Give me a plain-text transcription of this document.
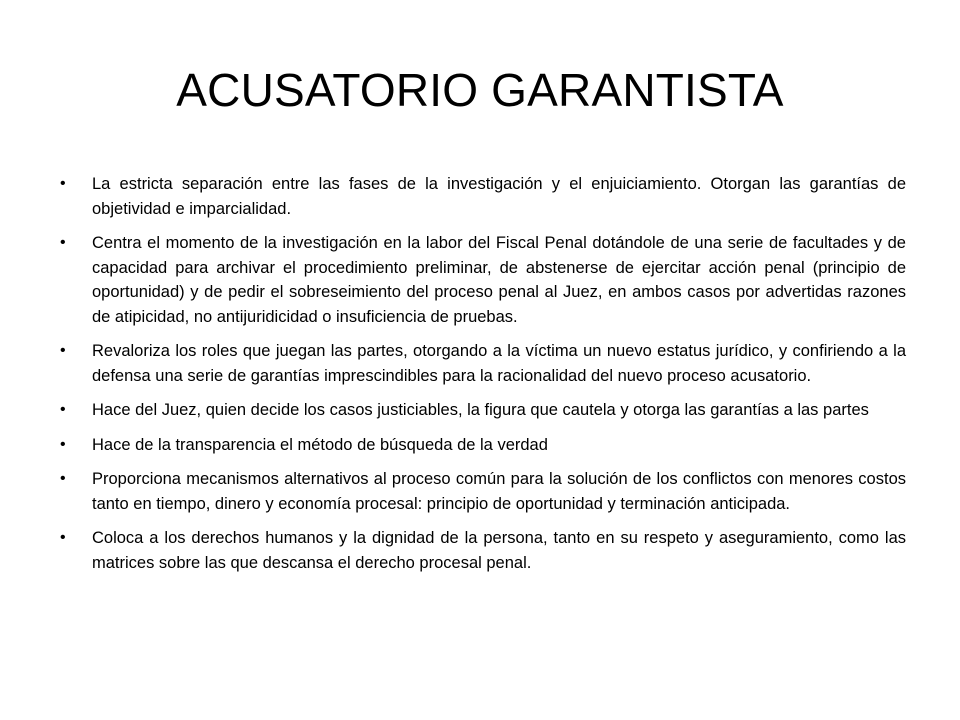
ACUSATORIO GARANTISTA
•	La estricta separación entre las fases de la investigación y el enjuiciamiento. Otorgan las garantías de objetividad e imparcialidad.
•	Centra el momento de la investigación en la labor del Fiscal Penal dotándole de una serie de facultades y de capacidad para archivar el procedimiento preliminar, de abstenerse de ejercitar acción penal (principio de oportunidad) y de pedir el sobreseimiento del proceso penal al Juez, en ambos casos por advertidas razones de atipicidad, no antijuridicidad o insuficiencia de pruebas.
•	Revaloriza los roles que juegan las partes, otorgando a la víctima un nuevo estatus jurídico, y confiriendo a la defensa una serie de garantías imprescindibles para la racionalidad del nuevo proceso acusatorio.
•	Hace del Juez, quien decide los casos justiciables, la figura que cautela y otorga las garantías a las partes
•	Hace de la transparencia el método de búsqueda de la verdad
•	Proporciona mecanismos alternativos al proceso común para la solución de los conflictos con menores costos tanto en tiempo, dinero y economía procesal: principio de oportunidad y terminación anticipada.
•	Coloca a los derechos humanos y la dignidad de la persona, tanto en su respeto y aseguramiento, como las matrices sobre las que descansa el derecho procesal penal.
